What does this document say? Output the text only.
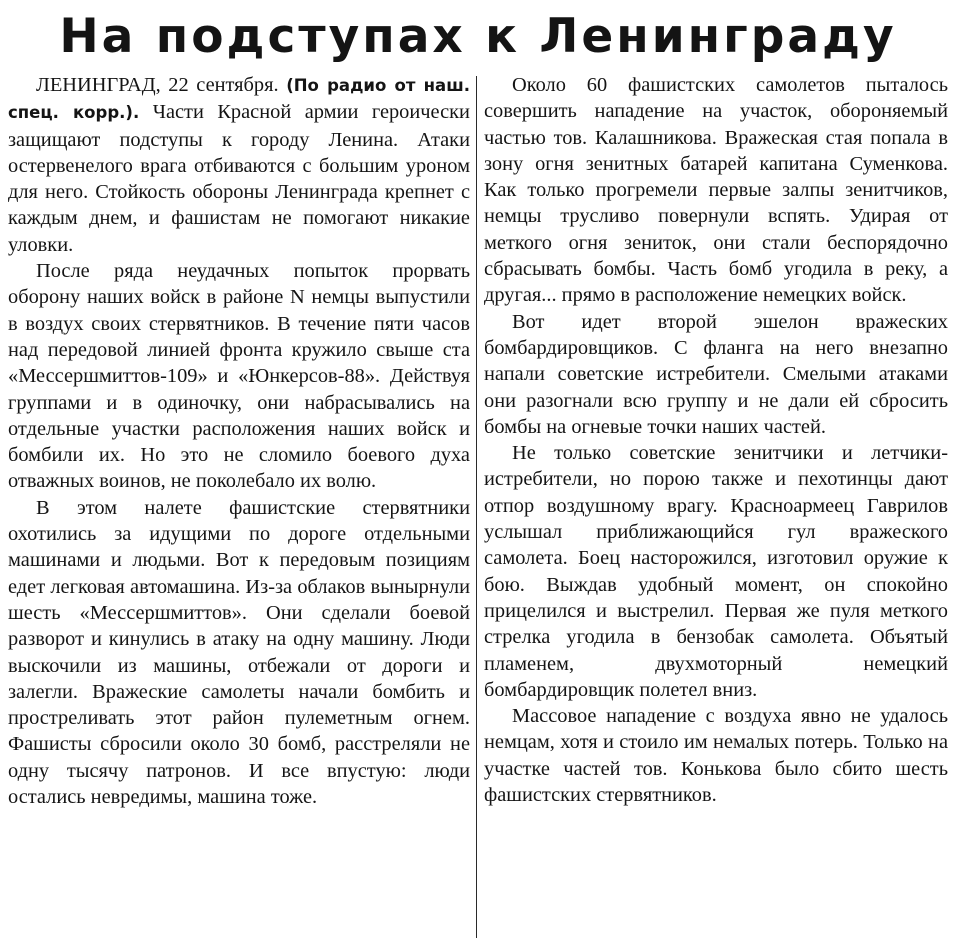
На подступах к Ленинграду

ЛЕНИНГРАД, 22 сентября. (По радио от наш. спец. корр.). Части Красной армии героически защищают подступы к городу Ленина. Атаки остервенелого врага отбиваются с большим уроном для него. Стойкость обороны Ленинграда крепнет с каждым днем, и фашистам не помогают никакие уловки.

После ряда неудачных попыток прорвать оборону наших войск в районе N немцы выпустили в воздух своих стервятников. В течение пяти часов над передовой линией фронта кружило свыше ста «Мессершмиттов-109» и «Юнкерсов-88». Действуя группами и в одиночку, они набрасывались на отдельные участки расположения наших войск и бомбили их. Но это не сломило боевого духа отважных воинов, не поколебало их волю.

В этом налете фашистские стервятники охотились за идущими по дороге отдельными машинами и людьми. Вот к передовым позициям едет легковая автомашина. Из-за облаков вынырнули шесть «Мессершмиттов». Они сделали боевой разворот и кинулись в атаку на одну машину. Люди выскочили из машины, отбежали от дороги и залегли. Вражеские самолеты начали бомбить и простреливать этот район пулеметным огнем. Фашисты сбросили около 30 бомб, расстреляли не одну тысячу патронов. И все впустую: люди остались невредимы, машина тоже.

Около 60 фашистских самолетов пыталось совершить нападение на участок, обороняемый частью тов. Калашникова. Вражеская стая попала в зону огня зенитных батарей капитана Суменкова. Как только прогремели первые залпы зенитчиков, немцы трусливо повернули вспять. Удирая от меткого огня зениток, они стали беспорядочно сбрасывать бомбы. Часть бомб угодила в реку, а другая... прямо в расположение немецких войск.

Вот идет второй эшелон вражеских бомбардировщиков. С фланга на него внезапно напали советские истребители. Смелыми атаками они разогнали всю группу и не дали ей сбросить бомбы на огневые точки наших частей.

Не только советские зенитчики и летчики-истребители, но порою также и пехотинцы дают отпор воздушному врагу. Красноармеец Гаврилов услышал приближающийся гул вражеского самолета. Боец насторожился, изготовил оружие к бою. Выждав удобный момент, он спокойно прицелился и выстрелил. Первая же пуля меткого стрелка угодила в бензобак самолета. Объятый пламенем, двухмоторный немецкий бомбардировщик полетел вниз.

Массовое нападение с воздуха явно не удалось немцам, хотя и стоило им немалых потерь. Только на участке частей тов. Конькова было сбито шесть фашистских стервятников.
